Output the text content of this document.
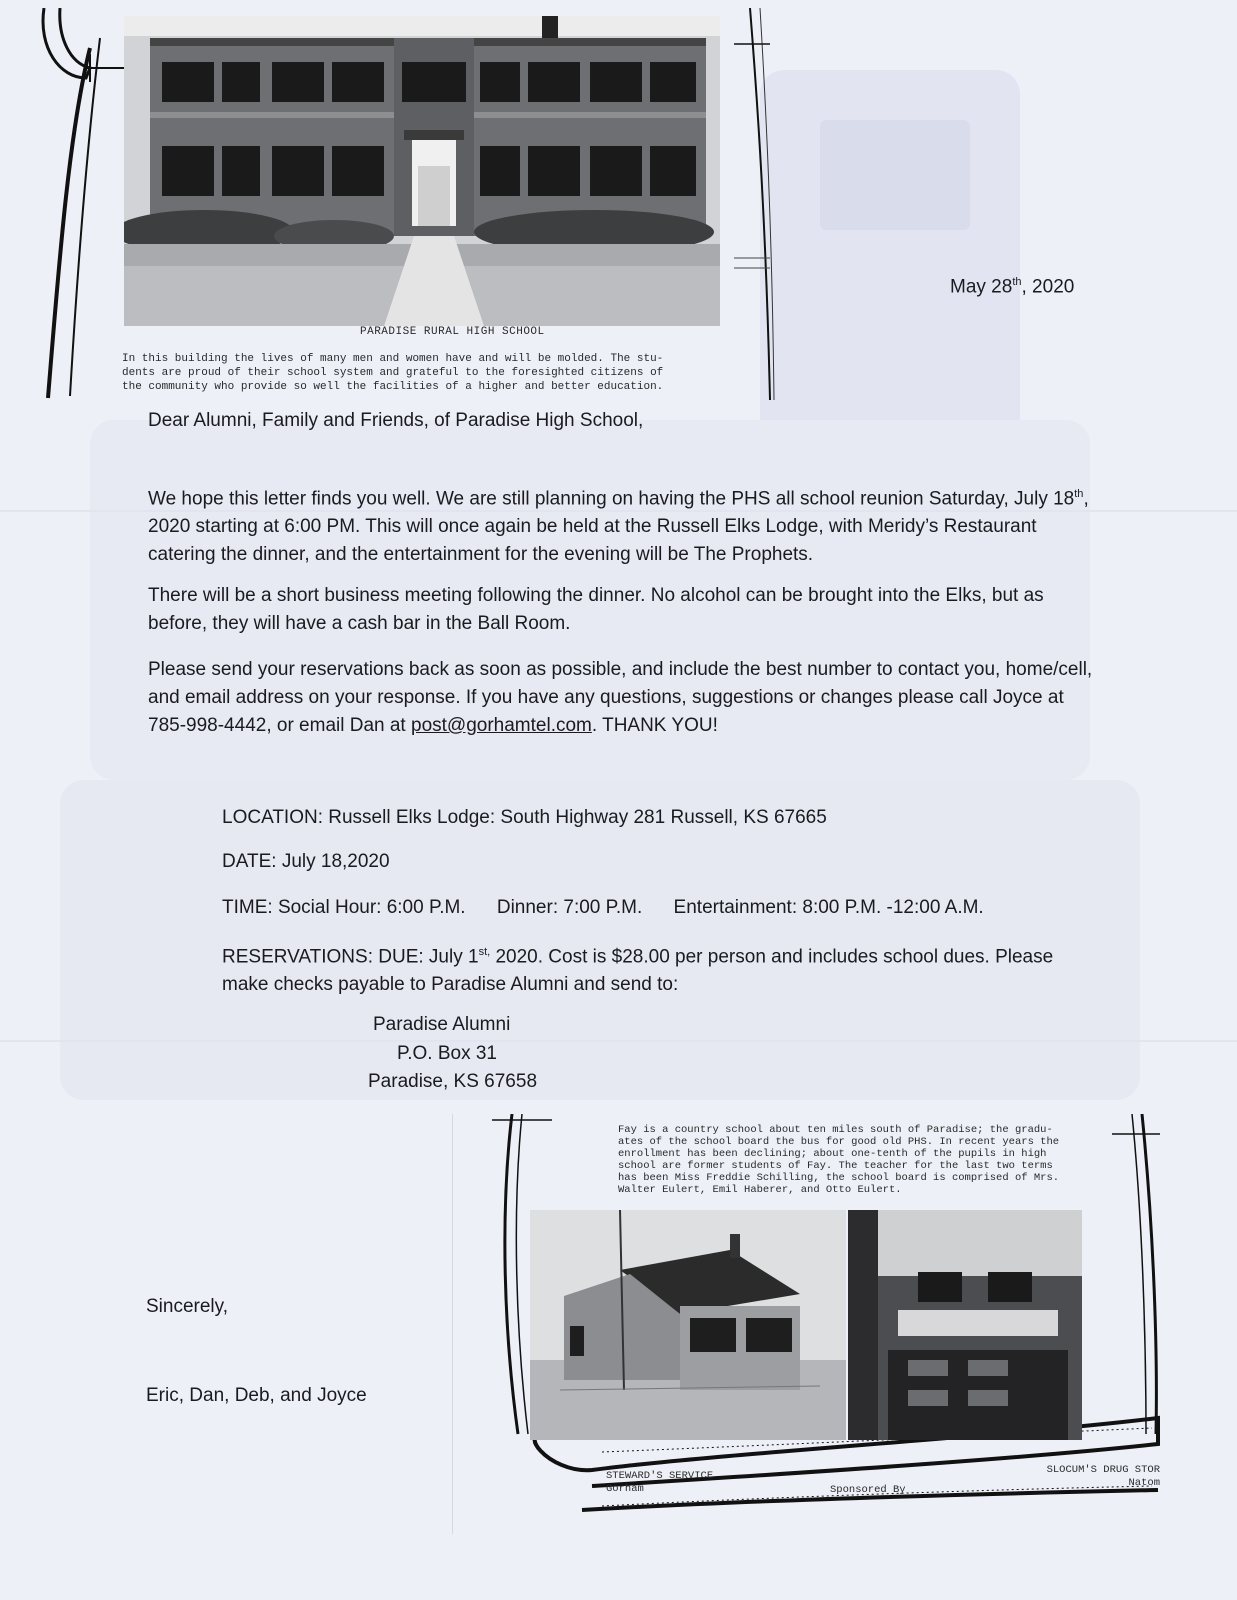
PARADISE RURAL HIGH SCHOOL
In this building the lives of many men and women have and will be molded. The stu-
dents are proud of their school system and grateful to the foresighted citizens of
the community who provide so well the facilities of a higher and better education.
May 28th, 2020
Dear Alumni, Family and Friends, of Paradise High School,
We hope this letter finds you well. We are still planning on having the PHS all school reunion Saturday, July 18th, 2020 starting at 6:00 PM. This will once again be held at the Russell Elks Lodge, with Meridy’s Restaurant catering the dinner, and the entertainment for the evening will be The Prophets.
There will be a short business meeting following the dinner. No alcohol can be brought into the Elks, but as before, they will have a cash bar in the Ball Room.
Please send your reservations back as soon as possible, and include the best number to contact you, home/cell, and email address on your response. If you have any questions, suggestions or changes please call Joyce at 785-998-4442, or email Dan at post@gorhamtel.com. THANK YOU!
LOCATION: Russell Elks Lodge: South Highway 281 Russell, KS 67665
DATE: July 18,2020
TIME: Social Hour: 6:00 P.M. Dinner: 7:00 P.M. Entertainment: 8:00 P.M. -12:00 A.M.
RESERVATIONS: DUE: July $1^{st,}$ 2020. Cost is $28.00 per person and includes school dues. Please make checks payable to Paradise Alumni and send to:
Paradise Alumni
P.O. Box 31
Paradise, KS 67658
Sincerely,
Eric, Dan, Deb, and Joyce
Fay is a country school about ten miles south of Paradise; the gradu-
ates of the school board the bus for good old PHS. In recent years the
enrollment has been declining; about one-tenth of the pupils in high
school are former students of Fay. The teacher for the last two terms
has been Miss Freddie Schilling, the school board is comprised of Mrs.
Walter Eulert, Emil Haberer, and Otto Eulert.
STEWARD'S SERVICE
Gorham	Sponsored By
SLOCUM'S DRUG STOR
Natom
